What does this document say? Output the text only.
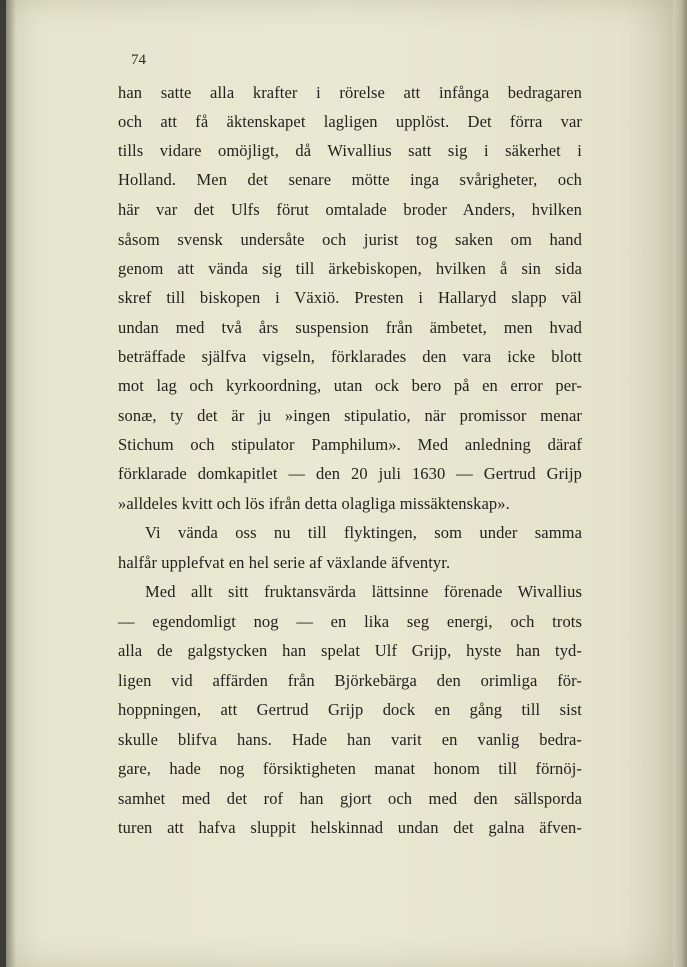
74
han satte alla krafter i rörelse att infånga bedragaren
och att få äktenskapet lagligen upplöst. Det förra var
tills vidare omöjligt, då Wivallius satt sig i säkerhet i
Holland. Men det senare mötte inga svårigheter, och
här var det Ulfs förut omtalade broder Anders, hvilken
såsom svensk undersåte och jurist tog saken om hand
genom att vända sig till ärkebiskopen, hvilken å sin sida
skref till biskopen i Växiö. Presten i Hallaryd slapp väl
undan med två års suspension från ämbetet, men hvad
beträffade själfva vigseln, förklarades den vara icke blott
mot lag och kyrkoordning, utan ock bero på en error per-
sonæ, ty det är ju »ingen stipulatio, när promissor menar
Stichum och stipulator Pamphilum». Med anledning däraf
förklarade domkapitlet — den 20 juli 1630 — Gertrud Grijp
»alldeles kvitt och lös ifrån detta olagliga missäktenskap».
Vi vända oss nu till flyktingen, som under samma
halfår upplefvat en hel serie af växlande äfventyr.
Med allt sitt fruktansvärda lättsinne förenade Wivallius
— egendomligt nog — en lika seg energi, och trots
alla de galgstycken han spelat Ulf Grijp, hyste han tyd-
ligen vid affärden från Björkebärga den orimliga för-
hoppningen, att Gertrud Grijp dock en gång till sist
skulle blifva hans. Hade han varit en vanlig bedra-
gare, hade nog försiktigheten manat honom till förnöj-
samhet med det rof han gjort och med den sällsporda
turen att hafva sluppit helskinnad undan det galna äfven-
